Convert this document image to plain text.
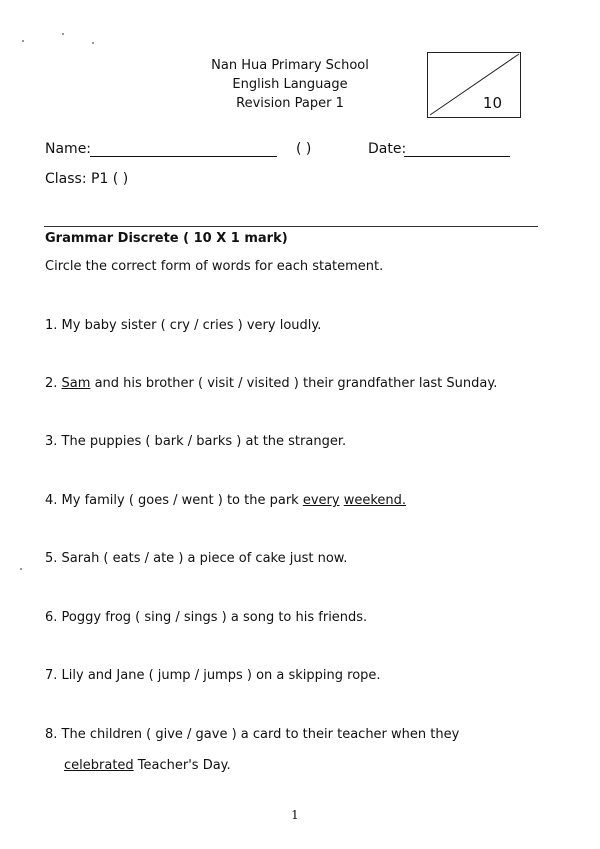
Nan Hua Primary School
English Language
Revision Paper 1	10
Name:	( )	Date:
Class: P1 ( )
Grammar Discrete ( 10 X 1 mark)
Circle the correct form of words for each statement.
1. My baby sister ( cry / cries ) very loudly.
2. Sam and his brother ( visit / visited ) their grandfather last Sunday.
3. The puppies ( bark / barks ) at the stranger.
4. My family ( goes / went ) to the park every weekend.
5. Sarah ( eats / ate ) a piece of cake just now.
6. Poggy frog ( sing / sings ) a song to his friends.
7. Lily and Jane ( jump / jumps ) on a skipping rope.
8. The children ( give / gave ) a card to their teacher when they
celebrated Teacher's Day.
1
